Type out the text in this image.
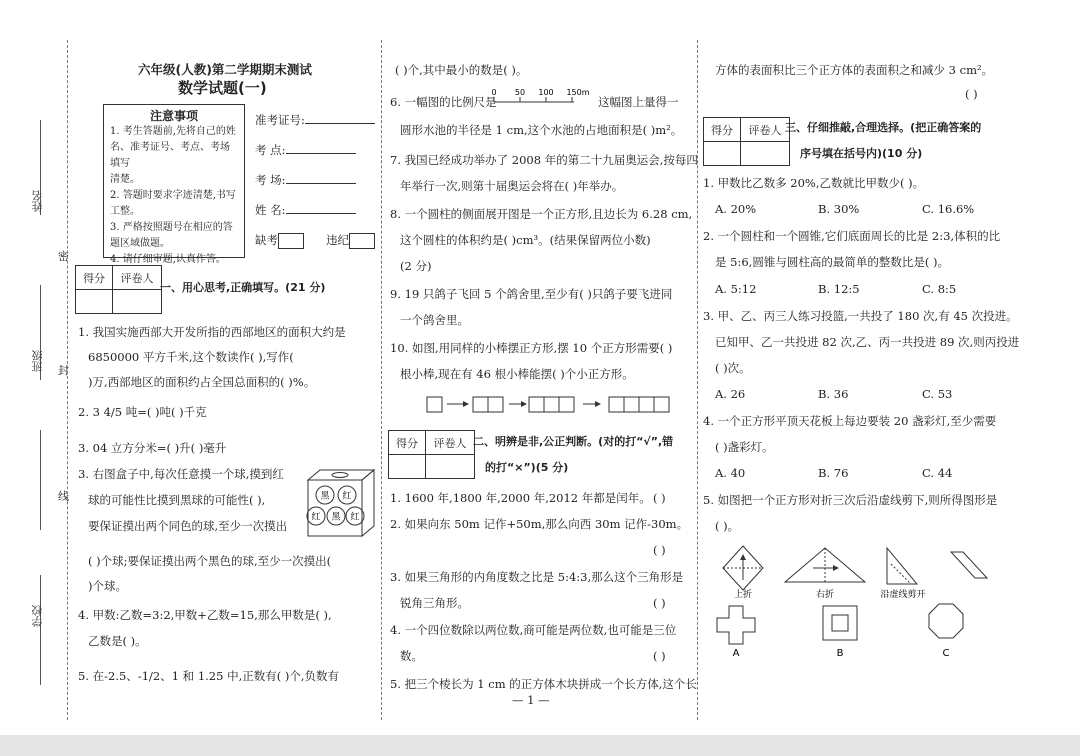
姓名
班级
学校
密
封
线
六年级(人教)第二学期期末测试
数学试题(一)
注意事项
1. 考生答题前,先将自己的姓
名、准考证号、考点、考场填写
清楚。
2. 答题时要求字迹清楚,书写
工整。
3. 严格按照题号在相应的答
题区域做题。
4. 请仔细审题,认真作答。
准考证号:
考 点:
考 场:
姓 名:
缺考	违纪
得分	评卷人

一、用心思考,正确填写。(21 分)
1. 我国实施西部大开发所指的西部地区的面积大约是
6850000 平方千米,这个数读作( ),写作(
)万,西部地区的面积约占全国总面积的( )%。
2. 3 4/5 吨=( )吨( )千克
3. 04 立方分米=( )升( )毫升
3. 右图盒子中,每次任意摸一个球,摸到红
球的可能性比摸到黑球的可能性( ),
要保证摸出两个同色的球,至少一次摸出
( )个球;要保证摸出两个黑色的球,至少一次摸出(
)个球。
4. 甲数:乙数=3:2,甲数+乙数=15,那么甲数是( ),
乙数是( )。
5. 在-2.5、-1/2、1 和 1.25 中,正数有( )个,负数有
黑 红
红 黑 红
( )个,其中最小的数是( )。
6. 一幅图的比例尺是
0 50 100 150m
这幅图上量得一
圆形水池的半径是 1 cm,这个水池的占地面积是( )m²。
7. 我国已经成功举办了 2008 年的第二十九届奥运会,按每四
年举行一次,则第十届奥运会将在( )年举办。
8. 一个圆柱的侧面展开图是一个正方形,且边长为 6.28 cm,
这个圆柱的体积约是( )cm³。(结果保留两位小数)
(2 分)
9. 19 只鸽子飞回 5 个鸽舍里,至少有( )只鸽子要飞进同
一个鸽舍里。
10. 如图,用同样的小棒摆正方形,摆 10 个正方形需要( )
根小棒,现在有 46 根小棒能摆( )个小正方形。
得分	评卷人
	二、明辨是非,公正判断。(对的打“√”,错
的打“×”)(5 分)
1. 1600 年,1800 年,2000 年,2012 年都是闰年。 ( )
2. 如果向东 50m 记作+50m,那么向西 30m 记作-30m。
( )
3. 如果三角形的内角度数之比是 5:4:3,那么这个三角形是
锐角三角形。	( )
4. 一个四位数除以两位数,商可能是两位数,也可能是三位
数。	( )
5. 把三个棱长为 1 cm 的正方体木块拼成一个长方体,这个长
— 1 —
方体的表面积比三个正方体的表面积之和减少 3 cm²。
( )
得分	评卷人
	三、仔细推敲,合理选择。(把正确答案的
序号填在括号内)(10 分)
1. 甲数比乙数多 20%,乙数就比甲数少( )。
A. 20%	B. 30%	C. 16.6%
2. 一个圆柱和一个圆锥,它们底面周长的比是 2:3,体积的比
是 5:6,圆锥与圆柱高的最简单的整数比是( )。
A. 5:12	B. 12:5	C. 8:5
3. 甲、乙、丙三人练习投篮,一共投了 180 次,有 45 次投进。
已知甲、乙一共投进 82 次,乙、丙一共投进 89 次,则丙投进
( )次。
A. 26	B. 36	C. 53
4. 一个正方形平顶天花板上每边要装 20 盏彩灯,至少需要
( )盏彩灯。
A. 40	B. 76	C. 44
5. 如图把一个正方形对折三次后沿虚线剪下,则所得图形是
( )。
上折	右折	沿虚线剪开
A	B	C
